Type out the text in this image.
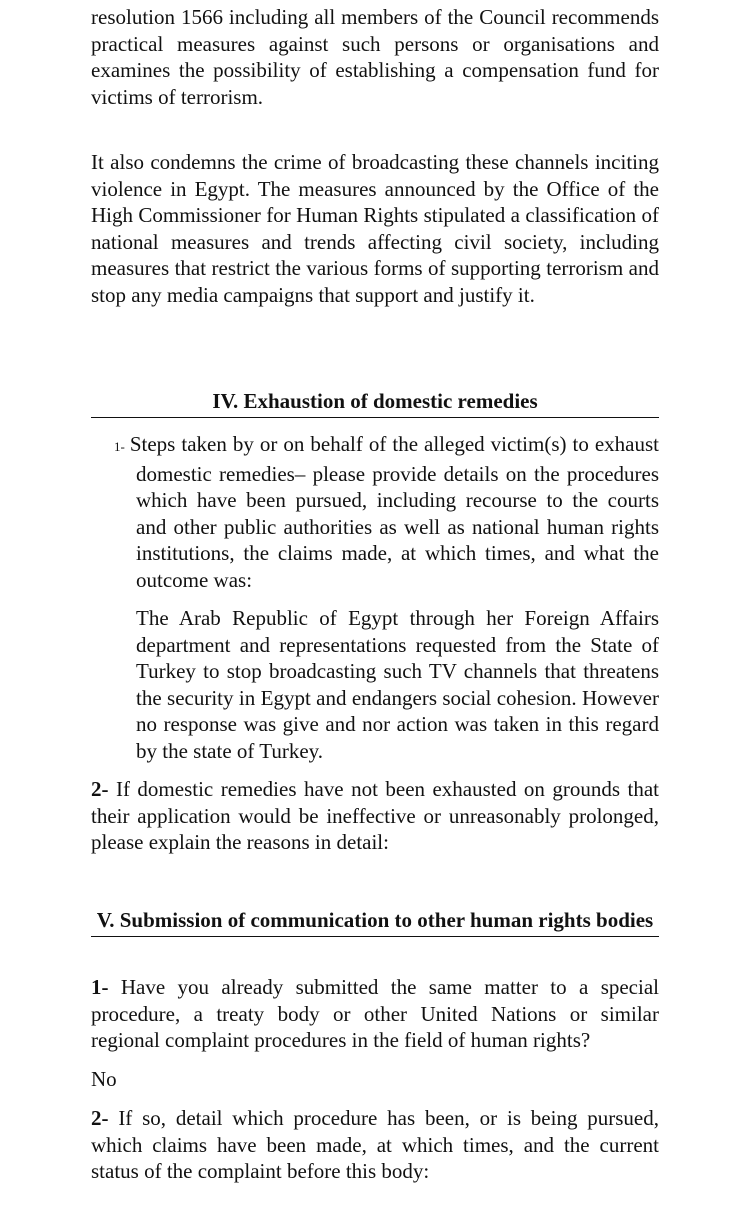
resolution 1566 including all members of the Council recommends practical measures against such persons or organisations and examines the possibility of establishing a compensation fund for victims of terrorism.

It also condemns the crime of broadcasting these channels inciting violence in Egypt. The measures announced by the Office of the High Commissioner for Human Rights stipulated a classification of national measures and trends affecting civil society, including measures that restrict the various forms of supporting terrorism and stop any media campaigns that support and justify it.

IV. Exhaustion of domestic remedies

1- Steps taken by or on behalf of the alleged victim(s) to exhaust domestic remedies– please provide details on the procedures which have been pursued, including recourse to the courts and other public authorities as well as national human rights institutions, the claims made, at which times, and what the outcome was:

The Arab Republic of Egypt through her Foreign Affairs department and representations requested from the State of Turkey to stop broadcasting such TV channels that threatens the security in Egypt and endangers social cohesion. However no response was give and nor action was taken in this regard by the state of Turkey.

2- If domestic remedies have not been exhausted on grounds that their application would be ineffective or unreasonably prolonged, please explain the reasons in detail:

V. Submission of communication to other human rights bodies

1- Have you already submitted the same matter to a special procedure, a treaty body or other United Nations or similar regional complaint procedures in the field of human rights?

No

2- If so, detail which procedure has been, or is being pursued, which claims have been made, at which times, and the current status of the complaint before this body:
